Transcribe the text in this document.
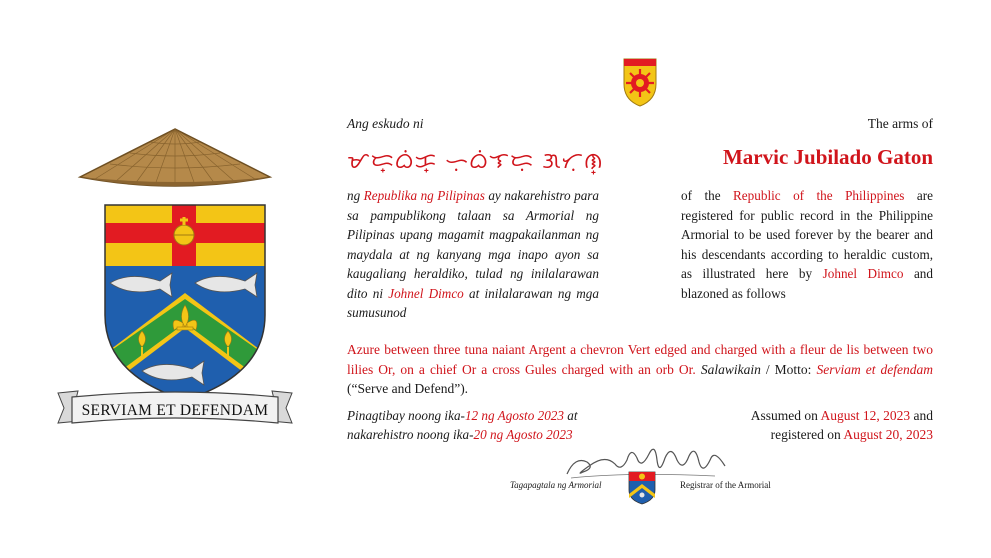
SERVIAM ET DEFENDAM
Ang eskudo ni	The arms of
ᜋᜇ᜔ᜊᜒᜃ᜔ ᜑᜓᜊᜒᜎᜇᜓ ᜄᜆᜓᜈ᜔	Marvic Jubilado Gaton
ng Republika ng Pilipinas ay nakarehistro para sa pampublikong talaan sa Armorial ng Pilipinas upang magamit magpakailanman ng maydala at ng kanyang mga inapo ayon sa kaugaliang heraldiko, tulad ng inilalarawan dito ni Johnel Dimco at inilalarawan ng mga sumusunod
of the Republic of the Philippines are registered for public record in the Philippine Armorial to be used forever by the bearer and his descendants according to heraldic custom, as illustrated here by Johnel Dimco and blazoned as follows
Azure between three tuna naiant Argent a chevron Vert edged and charged with a fleur de lis between two lilies Or, on a chief Or a cross Gules charged with an orb Or. Salawikain / Motto: Serviam et defendam (“Serve and Defend”).
Pinagtibay noong ika-12 ng Agosto 2023 at
nakarehistro noong ika-20 ng Agosto 2023
Assumed on August 12, 2023 and
registered on August 20, 2023
Tagapagtala ng Armorial	Registrar of the Armorial
